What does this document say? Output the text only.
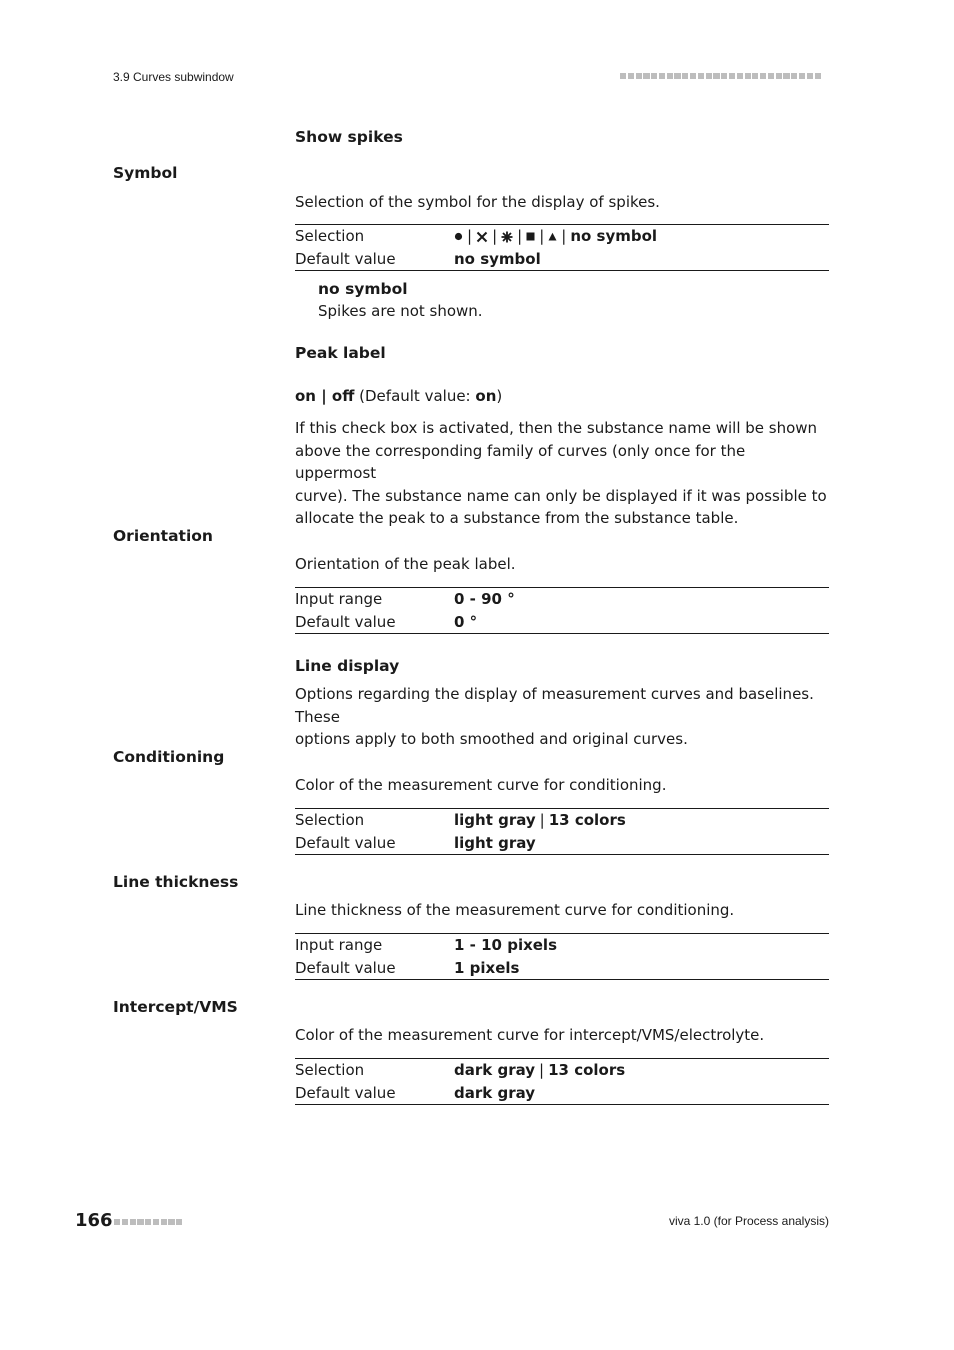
3.9 Curves subwindow
Show spikes
Symbol
Selection of the symbol for the display of spikes.
Selection	| | | | | no symbol
Default value	no symbol
no symbol
Spikes are not shown.
Peak label
on | off (Default value: on)
If this check box is activated, then the substance name will be shown
above the corresponding family of curves (only once for the uppermost
curve). The substance name can only be displayed if it was possible to
allocate the peak to a substance from the substance table.
Orientation
Orientation of the peak label.
Input range	0 - 90 °
Default value	0 °
Line display
Options regarding the display of measurement curves and baselines. These
options apply to both smoothed and original curves.
Conditioning
Color of the measurement curve for conditioning.
Selection	light gray | 13 colors
Default value	light gray
Line thickness
Line thickness of the measurement curve for conditioning.
Input range	1 - 10 pixels
Default value	1 pixels
Intercept/VMS
Color of the measurement curve for intercept/VMS/electrolyte.
Selection	dark gray | 13 colors
Default value	dark gray
166	viva 1.0 (for Process analysis)
